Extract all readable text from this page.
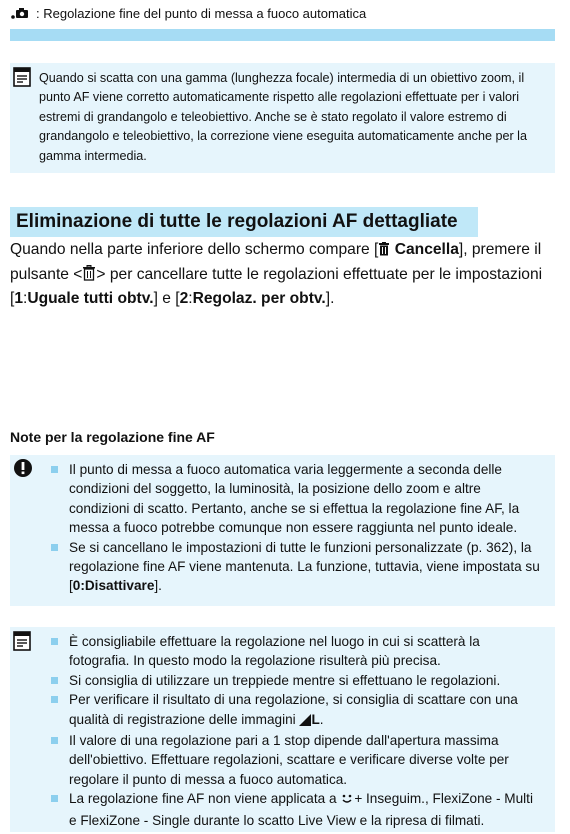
: Regolazione fine del punto di messa a fuoco automatica
Quando si scatta con una gamma (lunghezza focale) intermedia di un obiettivo zoom, il punto AF viene corretto automaticamente rispetto alle regolazioni effettuate per i valori estremi di grandangolo e teleobiettivo. Anche se è stato regolato il valore estremo di grandangolo e teleobiettivo, la correzione viene eseguita automaticamente anche per la gamma intermedia.
Eliminazione di tutte le regolazioni AF dettagliate
Quando nella parte inferiore dello schermo compare [ Cancella], premere il pulsante < > per cancellare tutte le regolazioni effettuate per le impostazioni [1:Uguale tutti obtv.] e [2:Regolaz. per obtv.].
Note per la regolazione fine AF
Il punto di messa a fuoco automatica varia leggermente a seconda delle condizioni del soggetto, la luminosità, la posizione dello zoom e altre condizioni di scatto. Pertanto, anche se si effettua la regolazione fine AF, la messa a fuoco potrebbe comunque non essere raggiunta nel punto ideale.
Se si cancellano le impostazioni di tutte le funzioni personalizzate (p. 362), la regolazione fine AF viene mantenuta. La funzione, tuttavia, viene impostata su [0:Disattivare].
È consigliabile effettuare la regolazione nel luogo in cui si scatterà la fotografia. In questo modo la regolazione risulterà più precisa.
Si consiglia di utilizzare un treppiede mentre si effettuano le regolazioni.
Per verificare il risultato di una regolazione, si consiglia di scattare con una qualità di registrazione delle immagini L.
Il valore di una regolazione pari a 1 stop dipende dall'apertura massima dell'obiettivo. Effettuare regolazioni, scattare e verificare diverse volte per regolare il punto di messa a fuoco automatica.
La regolazione fine AF non viene applicata a + Inseguim., FlexiZone - Multi e FlexiZone - Single durante lo scatto Live View e la ripresa di filmati.
